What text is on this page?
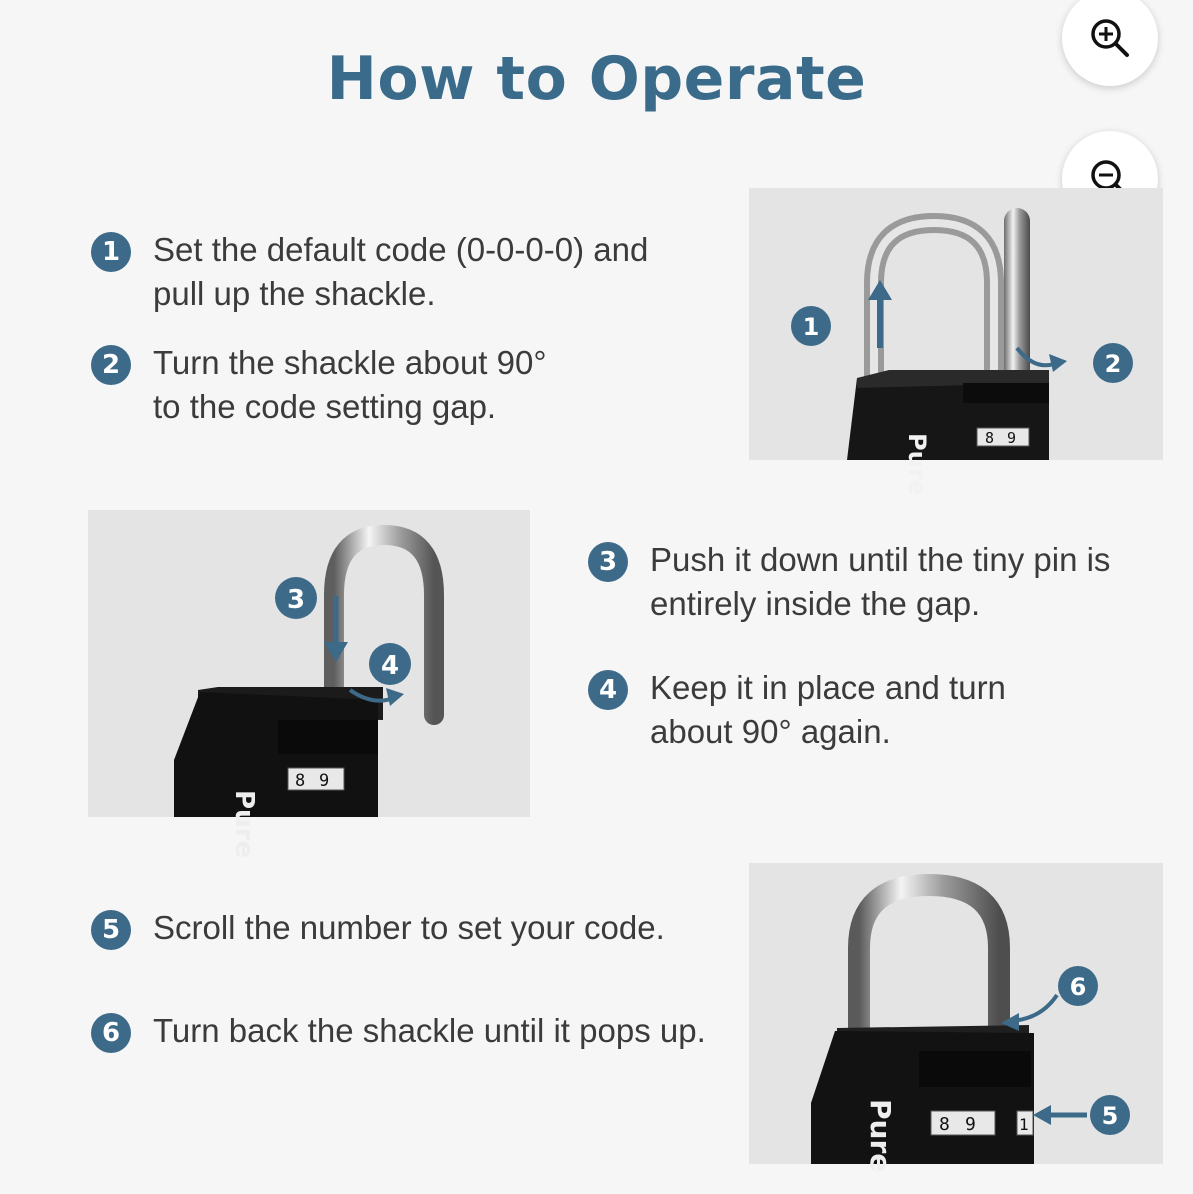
How to Operate
1 Set the default code (0-0-0-0) and
pull up the shackle.
2 Turn the shackle about 90°
to the code setting gap.
3 Push it down until the tiny pin is
entirely inside the gap.
4 Keep it in place and turn
about 90° again.
5 Scroll the number to set your code.
6 Turn back the shackle until it pops up.
8 9
Pure
1
2
8 9
Pure
3
4
8 9	1
Pure
6
5
